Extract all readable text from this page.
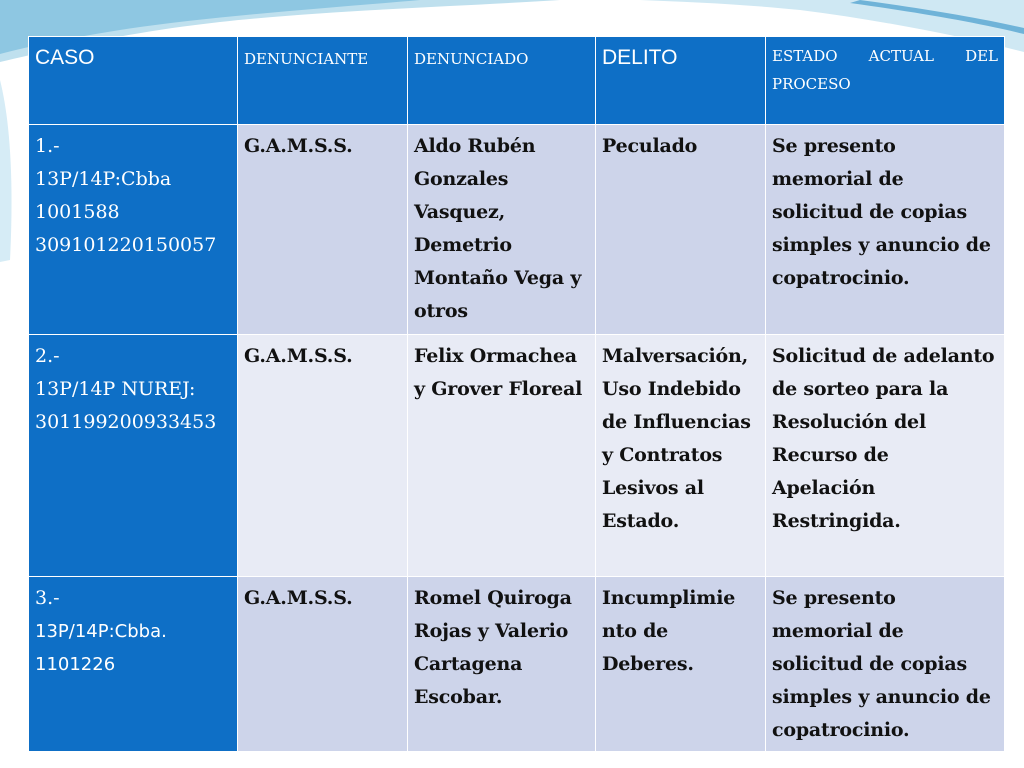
CASO	DENUNCIANTE	DENUNCIADO	DELITO	ESTADO ACTUAL DEL PROCESO

1.-
13P/14P:Cbba
1001588
309101220150057	G.A.M.S.S.	Aldo Rubén Gonzales Vasquez, Demetrio Montaño Vega y otros	Peculado	Se presento memorial de solicitud de copias simples y anuncio de copatrocinio.

2.-
13P/14P NUREJ:
301199200933453	G.A.M.S.S.	Felix Ormachea y Grover Floreal	Malversación, Uso Indebido de Influencias y Contratos Lesivos al Estado.	Solicitud de adelanto de sorteo para la Resolución del Recurso de Apelación Restringida.

3.-
13P/14P:Cbba.
1101226	G.A.M.S.S.	Romel Quiroga Rojas y Valerio Cartagena Escobar.	Incumplimie nto de Deberes.	Se presento memorial de solicitud de copias simples y anuncio de copatrocinio.
